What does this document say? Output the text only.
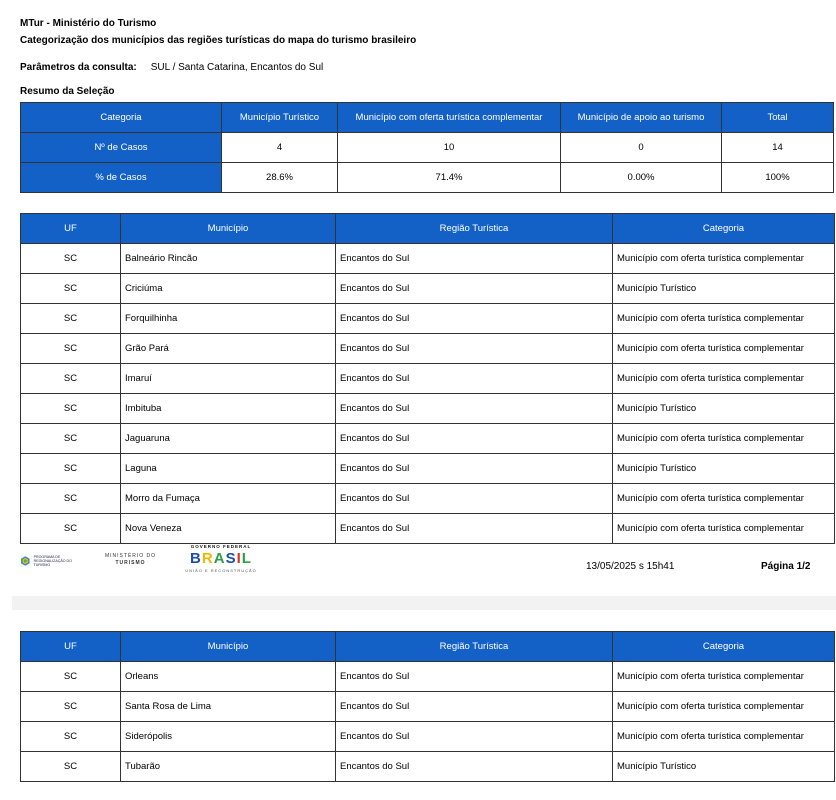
MTur - Ministério do Turismo
Categorização dos municípios das regiões turísticas do mapa do turismo brasileiro
Parâmetros da consulta: SUL / Santa Catarina, Encantos do Sul
Resumo da Seleção
Categoria	Município Turístico	Município com oferta turística complementar	Município de apoio ao turismo	Total
Nº de Casos	4	10	0	14
% de Casos	28.6%	71.4%	0.00%	100%
UF	Município	Região Turística	Categoria
SC	Balneário Rincão	Encantos do Sul	Município com oferta turística complementar
SC	Criciúma	Encantos do Sul	Município Turístico
SC	Forquilhinha	Encantos do Sul	Município com oferta turística complementar
SC	Grão Pará	Encantos do Sul	Município com oferta turística complementar
SC	Imaruí	Encantos do Sul	Município com oferta turística complementar
SC	Imbituba	Encantos do Sul	Município Turístico
SC	Jaguaruna	Encantos do Sul	Município com oferta turística complementar
SC	Laguna	Encantos do Sul	Município Turístico
SC	Morro da Fumaça	Encantos do Sul	Município com oferta turística complementar
SC	Nova Veneza	Encantos do Sul	Município com oferta turística complementar
PROGRAMA DE REGIONALIZAÇÃO DO TURISMO
MINISTÉRIO DO
TURISMO
GOVERNO FEDERAL
BRASIL
UNIÃO E RECONSTRUÇÃO	13/05/2025 s 15h41	Página 1/2
UF	Município	Região Turística	Categoria
SC	Orleans	Encantos do Sul	Município com oferta turística complementar
SC	Santa Rosa de Lima	Encantos do Sul	Município com oferta turística complementar
SC	Siderópolis	Encantos do Sul	Município com oferta turística complementar
SC	Tubarão	Encantos do Sul	Município Turístico
